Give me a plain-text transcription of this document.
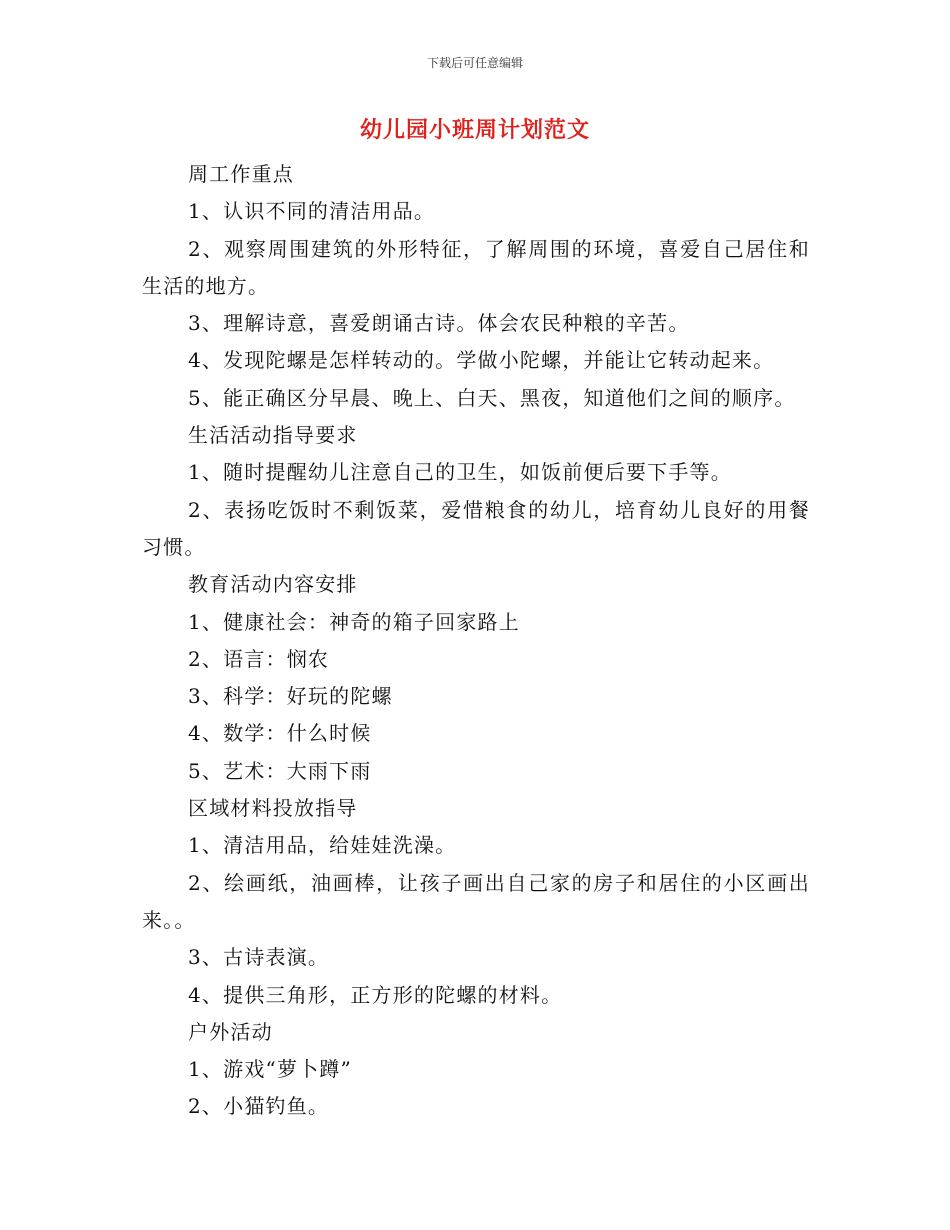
下载后可任意编辑
幼儿园小班周计划范文

周工作重点

1、认识不同的清洁用品。

2、观察周围建筑的外形特征，了解周围的环境，喜爱自己居住和生活的地方。

3、理解诗意，喜爱朗诵古诗。体会农民种粮的辛苦。

4、发现陀螺是怎样转动的。学做小陀螺，并能让它转动起来。

5、能正确区分早晨、晚上、白天、黑夜，知道他们之间的顺序。

生活活动指导要求

1、随时提醒幼儿注意自己的卫生，如饭前便后要下手等。

2、表扬吃饭时不剩饭菜，爱惜粮食的幼儿，培育幼儿良好的用餐习惯。

教育活动内容安排

1、健康社会：神奇的箱子回家路上

2、语言：悯农

3、科学：好玩的陀螺

4、数学：什么时候

5、艺术：大雨下雨

区域材料投放指导

1、清洁用品，给娃娃洗澡。

2、绘画纸，油画棒，让孩子画出自己家的房子和居住的小区画出来。。

3、古诗表演。

4、提供三角形，正方形的陀螺的材料。

户外活动

1、游戏“萝卜蹲”

2、小猫钓鱼。
